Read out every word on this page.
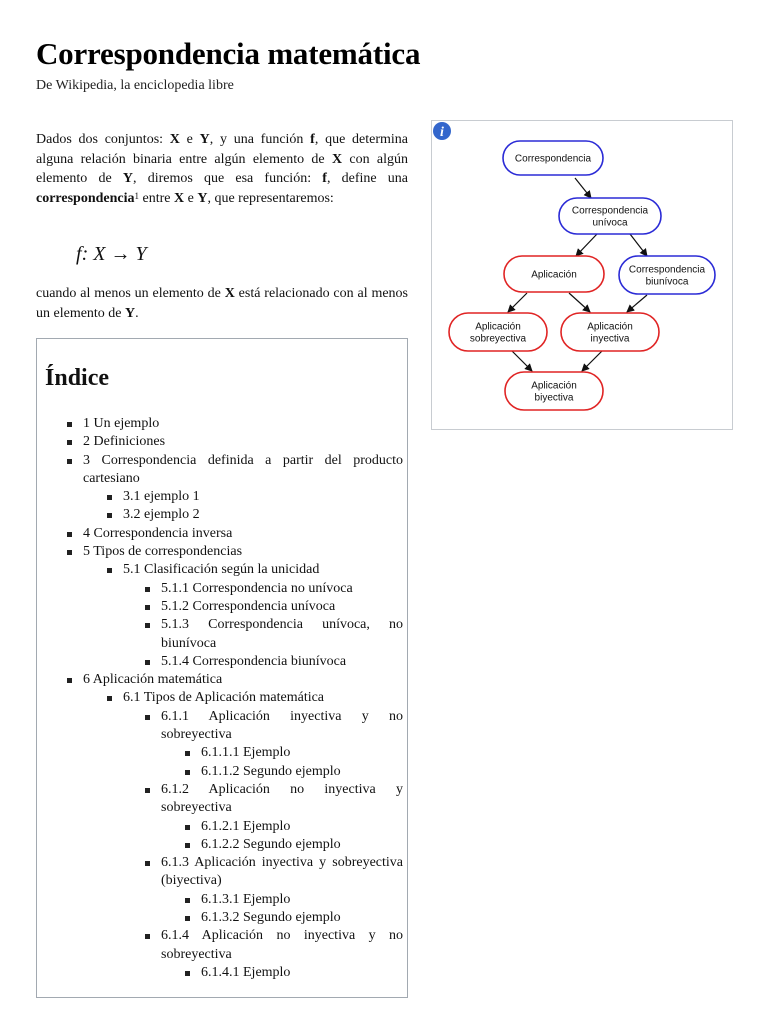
Correspondencia matemática
De Wikipedia, la enciclopedia libre

Dados dos conjuntos: X e Y, y una función f, que determina alguna relación binaria entre algún elemento de X con algún elemento de Y, diremos que esa función: f, define una correspondencia$^1$ entre X e Y, que representaremos:

f: X → Y

cuando al menos un elemento de X está relacionado con al menos un elemento de Y.

Índice
1 Un ejemplo
2 Definiciones
3 Correspondencia definida a partir del producto cartesiano
3.1 ejemplo 1
3.2 ejemplo 2
4 Correspondencia inversa
5 Tipos de correspondencias
5.1 Clasificación según la unicidad
5.1.1 Correspondencia no unívoca
5.1.2 Correspondencia unívoca
5.1.3 Correspondencia unívoca, no biunívoca
5.1.4 Correspondencia biunívoca
6 Aplicación matemática
6.1 Tipos de Aplicación matemática
6.1.1 Aplicación inyectiva y no sobreyectiva
6.1.1.1 Ejemplo
6.1.1.2 Segundo ejemplo
6.1.2 Aplicación no inyectiva y sobreyectiva
6.1.2.1 Ejemplo
6.1.2.2 Segundo ejemplo
6.1.3 Aplicación inyectiva y sobreyectiva (biyectiva)
6.1.3.1 Ejemplo
6.1.3.2 Segundo ejemplo
6.1.4 Aplicación no inyectiva y no sobreyectiva
6.1.4.1 Ejemplo
Correspondencia
Correspondencia
unívoca
Aplicación	Correspondencia
biunívoca
Aplicación
sobreyectiva
Aplicación
inyectiva
Aplicación
biyectiva
i
